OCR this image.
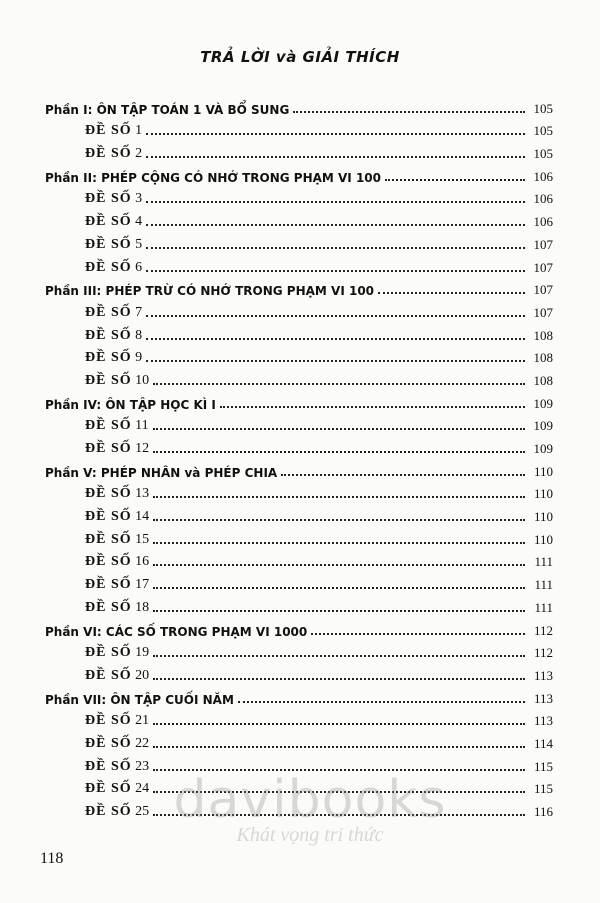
TRẢ LỜI và GIẢI THÍCH
Phần I: ÔN TẬP TOÁN 1 VÀ BỔ SUNG	105
ĐỀ SỐ 1	105
ĐỀ SỐ 2	105
Phần II: PHÉP CỘNG CÓ NHỚ TRONG PHẠM VI 100	106
ĐỀ SỐ 3	106
ĐỀ SỐ 4	106
ĐỀ SỐ 5	107
ĐỀ SỐ 6	107
Phần III: PHÉP TRỪ CÓ NHỚ TRONG PHẠM VI 100	107
ĐỀ SỐ 7	107
ĐỀ SỐ 8	108
ĐỀ SỐ 9	108
ĐỀ SỐ 10	108
Phần IV: ÔN TẬP HỌC KÌ I	109
ĐỀ SỐ 11	109
ĐỀ SỐ 12	109
Phần V: PHÉP NHÂN và PHÉP CHIA	110
ĐỀ SỐ 13	110
ĐỀ SỐ 14	110
ĐỀ SỐ 15	110
ĐỀ SỐ 16	111
ĐỀ SỐ 17	111
ĐỀ SỐ 18	111
Phần VI: CÁC SỐ TRONG PHẠM VI 1000	112
ĐỀ SỐ 19	112
ĐỀ SỐ 20	113
Phần VII: ÔN TẬP CUỐI NĂM	113
ĐỀ SỐ 21	113
ĐỀ SỐ 22	114
ĐỀ SỐ 23	115
ĐỀ SỐ 24	115
ĐỀ SỐ 25	116
118
davibooks
Khát vọng tri thức
